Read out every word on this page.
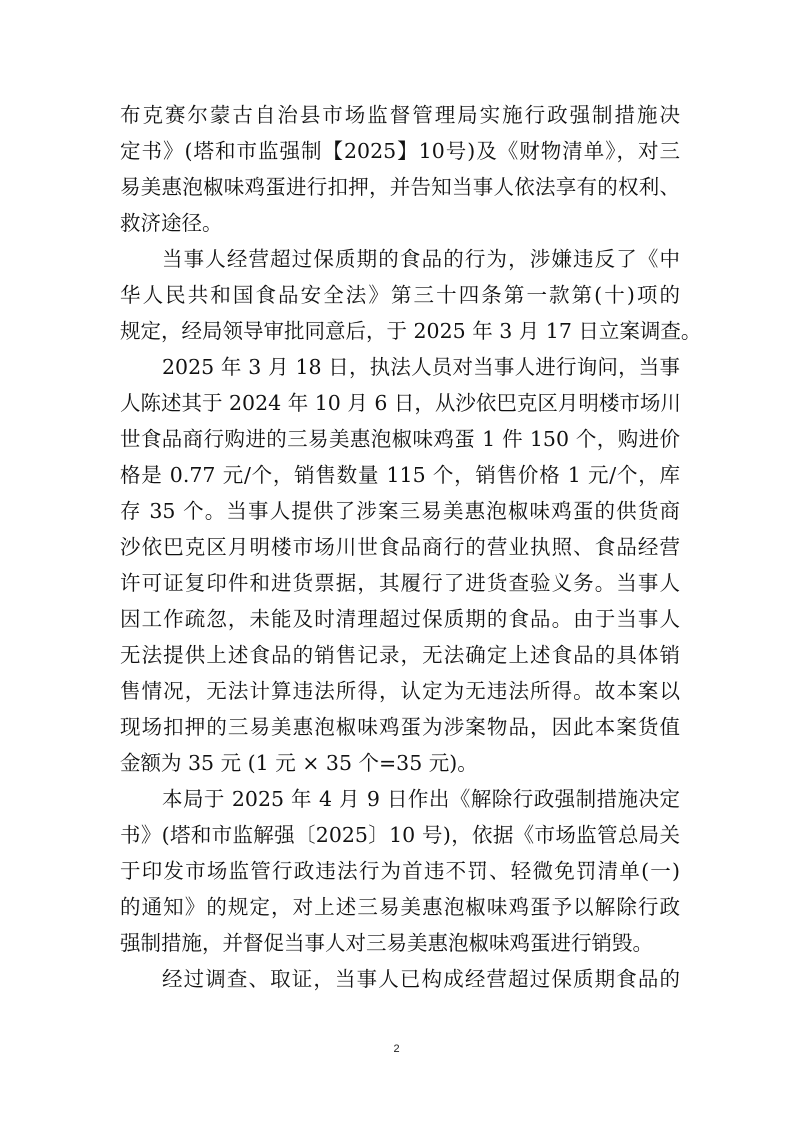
布克赛尔蒙古自治县市场监督管理局实施行政强制措施决
定书》(塔和市监强制【2025】10号)及《财物清单》，对三
易美惠泡椒味鸡蛋进行扣押，并告知当事人依法享有的权利、
救济途径。
当事人经营超过保质期的食品的行为，涉嫌违反了《中
华人民共和国食品安全法》第三十四条第一款第(十)项的
规定，经局领导审批同意后，于 2025 年 3 月 17 日立案调查。
2025 年 3 月 18 日，执法人员对当事人进行询问，当事
人陈述其于 2024 年 10 月 6 日，从沙依巴克区月明楼市场川
世食品商行购进的三易美惠泡椒味鸡蛋 1 件 150 个，购进价
格是 0.77 元/个，销售数量 115 个，销售价格 1 元/个，库
存 35 个。当事人提供了涉案三易美惠泡椒味鸡蛋的供货商
沙依巴克区月明楼市场川世食品商行的营业执照、食品经营
许可证复印件和进货票据，其履行了进货查验义务。当事人
因工作疏忽，未能及时清理超过保质期的食品。由于当事人
无法提供上述食品的销售记录，无法确定上述食品的具体销
售情况，无法计算违法所得，认定为无违法所得。故本案以
现场扣押的三易美惠泡椒味鸡蛋为涉案物品，因此本案货值
金额为 35 元 (1 元 × 35 个=35 元)。
本局于 2025 年 4 月 9 日作出《解除行政强制措施决定
书》(塔和市监解强〔2025〕10 号)，依据《市场监管总局关
于印发市场监管行政违法行为首违不罚、轻微免罚清单(一)
的通知》的规定，对上述三易美惠泡椒味鸡蛋予以解除行政
强制措施，并督促当事人对三易美惠泡椒味鸡蛋进行销毁。
经过调查、取证，当事人已构成经营超过保质期食品的
2
